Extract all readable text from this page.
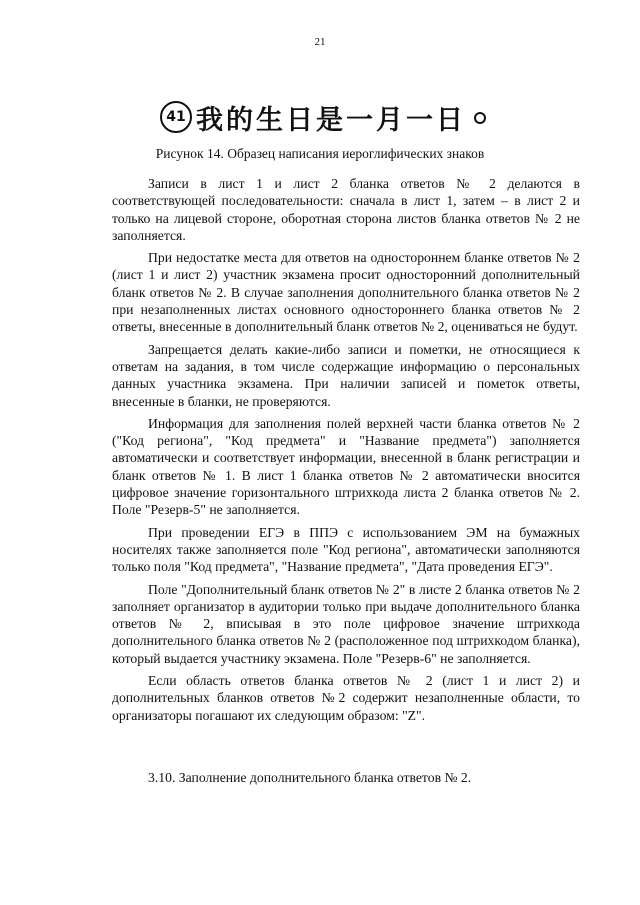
21
41 我的生日是一月一日
Рисунок 14. Образец написания иероглифических знаков

Записи в лист 1 и лист 2 бланка ответов № 2 делаются в соответствующей последовательности: сначала в лист 1, затем – в лист 2 и только на лицевой стороне, оборотная сторона листов бланка ответов № 2 не заполняется.

При недостатке места для ответов на одностороннем бланке ответов № 2 (лист 1 и лист 2) участник экзамена просит односторонний дополнительный бланк ответов № 2. В случае заполнения дополнительного бланка ответов № 2 при незаполненных листах основного одностороннего бланка ответов № 2 ответы, внесенные в дополнительный бланк ответов № 2, оцениваться не будут.

Запрещается делать какие-либо записи и пометки, не относящиеся к ответам на задания, в том числе содержащие информацию о персональных данных участника экзамена. При наличии записей и пометок ответы, внесенные в бланки, не проверяются.

Информация для заполнения полей верхней части бланка ответов № 2 ("Код региона", "Код предмета" и "Название предмета") заполняется автоматически и соответствует информации, внесенной в бланк регистрации и бланк ответов № 1. В лист 1 бланка ответов № 2 автоматически вносится цифровое значение горизонтального штрихкода листа 2 бланка ответов № 2. Поле "Резерв-5" не заполняется.

При проведении ЕГЭ в ППЭ с использованием ЭМ на бумажных носителях также заполняется поле "Код региона", автоматически заполняются только поля "Код предмета", "Название предмета", "Дата проведения ЕГЭ".

Поле "Дополнительный бланк ответов № 2" в листе 2 бланка ответов № 2 заполняет организатор в аудитории только при выдаче дополнительного бланка ответов № 2, вписывая в это поле цифровое значение штрихкода дополнительного бланка ответов № 2 (расположенное под штрихкодом бланка), который выдается участнику экзамена. Поле "Резерв-6" не заполняется.

Если область ответов бланка ответов № 2 (лист 1 и лист 2) и дополнительных бланков ответов №2 содержит незаполненные области, то организаторы погашают их следующим образом: "Z".

3.10. Заполнение дополнительного бланка ответов № 2.
